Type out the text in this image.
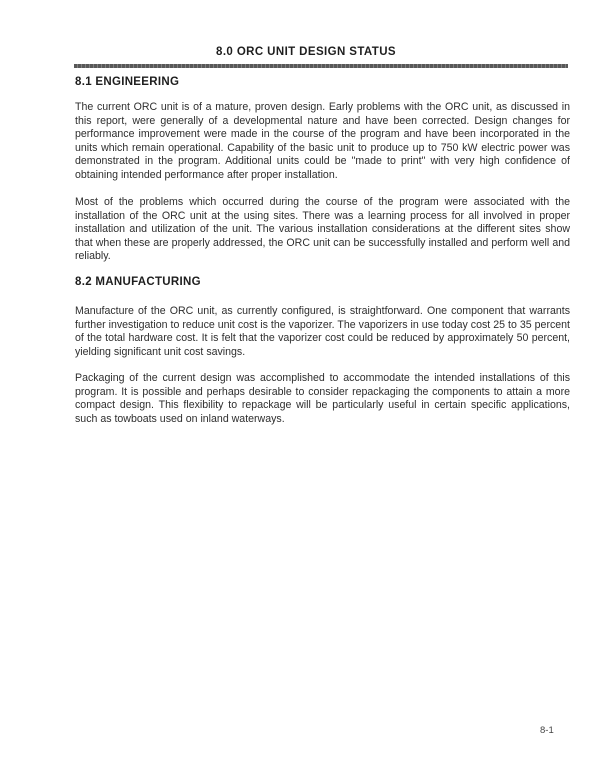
8.0 ORC UNIT DESIGN STATUS
8.1 ENGINEERING
The current ORC unit is of a mature, proven design. Early problems with the ORC unit, as discussed in this report, were generally of a developmental nature and have been corrected. Design changes for performance improvement were made in the course of the program and have been incorporated in the units which remain operational. Capability of the basic unit to produce up to 750 kW electric power was demonstrated in the program. Additional units could be "made to print" with very high confidence of obtaining intended performance after proper installation.
Most of the problems which occurred during the course of the program were associated with the installation of the ORC unit at the using sites. There was a learning process for all involved in proper installation and utilization of the unit. The various installation considerations at the different sites show that when these are properly addressed, the ORC unit can be successfully installed and perform well and reliably.
8.2 MANUFACTURING
Manufacture of the ORC unit, as currently configured, is straightforward. One component that warrants further investigation to reduce unit cost is the vaporizer. The vaporizers in use today cost 25 to 35 percent of the total hardware cost. It is felt that the vaporizer cost could be reduced by approximately 50 percent, yielding significant unit cost savings.
Packaging of the current design was accomplished to accommodate the intended installations of this program. It is possible and perhaps desirable to consider repackaging the components to attain a more compact design. This flexibility to repackage will be particularly useful in certain specific applications, such as towboats used on inland waterways.
8-1
